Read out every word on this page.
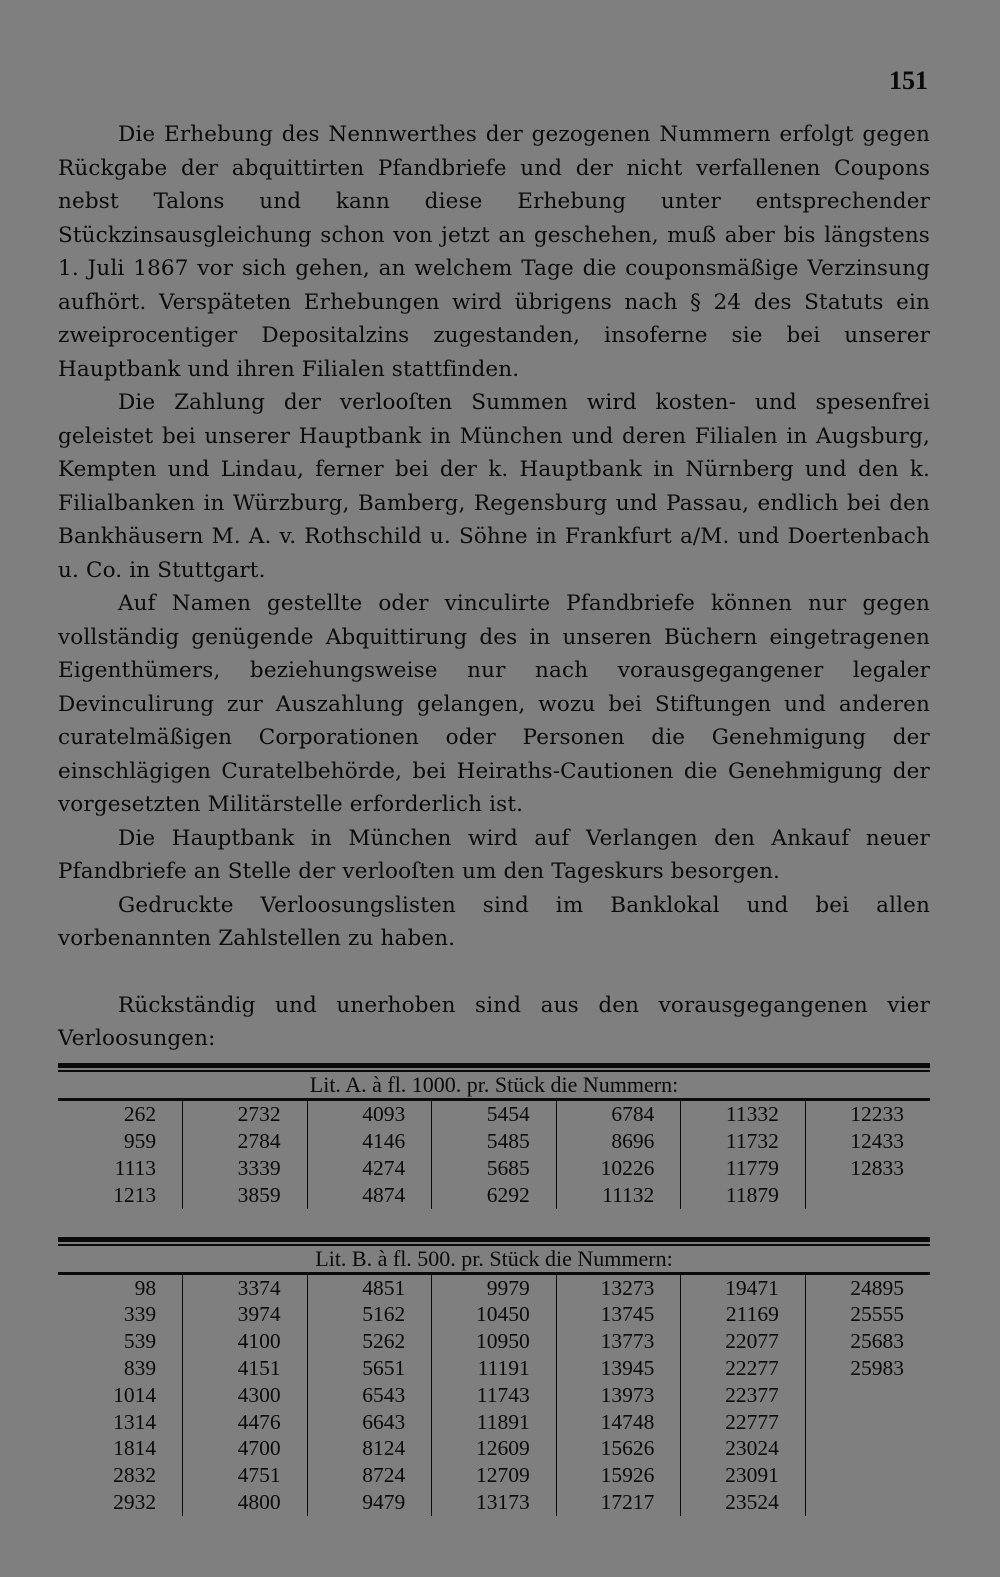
151

Die Erhebung des Nennwerthes der gezogenen Nummern erfolgt gegen Rückgabe der abquittirten Pfandbriefe und der nicht verfallenen Coupons nebst Talons und kann diese Erhebung unter entsprechender Stückzinsausgleichung schon von jetzt an geschehen, muß aber bis längstens 1. Juli 1867 vor sich gehen, an welchem Tage die couponsmäßige Verzinsung aufhört. Verspäteten Erhebungen wird übrigens nach § 24 des Statuts ein zweiprocentiger Depositalzins zugestanden, insoferne sie bei unserer Hauptbank und ihren Filialen stattfinden.

Die Zahlung der verlooſten Summen wird kosten- und spesenfrei geleistet bei unserer Hauptbank in München und deren Filialen in Augsburg, Kempten und Lindau, ferner bei der k. Hauptbank in Nürnberg und den k. Filialbanken in Würzburg, Bamberg, Regensburg und Passau, endlich bei den Bankhäusern M. A. v. Rothschild u. Söhne in Frankfurt a/M. und Doertenbach u. Co. in Stuttgart.

Auf Namen gestellte oder vinculirte Pfandbriefe können nur gegen vollständig genügende Abquittirung des in unseren Büchern eingetragenen Eigenthümers, beziehungsweise nur nach vorausgegangener legaler Devinculirung zur Auszahlung gelangen, wozu bei Stiftungen und anderen curatelmäßigen Corporationen oder Personen die Genehmigung der einschlägigen Curatelbehörde, bei Heiraths-Cautionen die Genehmigung der vorgesetzten Militärstelle erforderlich ist.

Die Hauptbank in München wird auf Verlangen den Ankauf neuer Pfandbriefe an Stelle der verlooſten um den Tageskurs besorgen.

Gedruckte Verloosungslisten sind im Banklokal und bei allen vorbenannten Zahlstellen zu haben.

Rückständig und unerhoben sind aus den vorausgegangenen vier Verloosungen:

Lit. A. à fl. 1000. pr. Stück die Nummern:
262	2732	4093	5454	6784	11332	12233
959	2784	4146	5485	8696	11732	12433
1113	3339	4274	5685	10226	11779	12833
1213	3859	4874	6292	11132	11879	
Lit. B. à fl. 500. pr. Stück die Nummern:
98	3374	4851	9979	13273	19471	24895
339	3974	5162	10450	13745	21169	25555
539	4100	5262	10950	13773	22077	25683
839	4151	5651	11191	13945	22277	25983
1014	4300	6543	11743	13973	22377	
1314	4476	6643	11891	14748	22777	
1814	4700	8124	12609	15626	23024	
2832	4751	8724	12709	15926	23091	
2932	4800	9479	13173	17217	23524	
